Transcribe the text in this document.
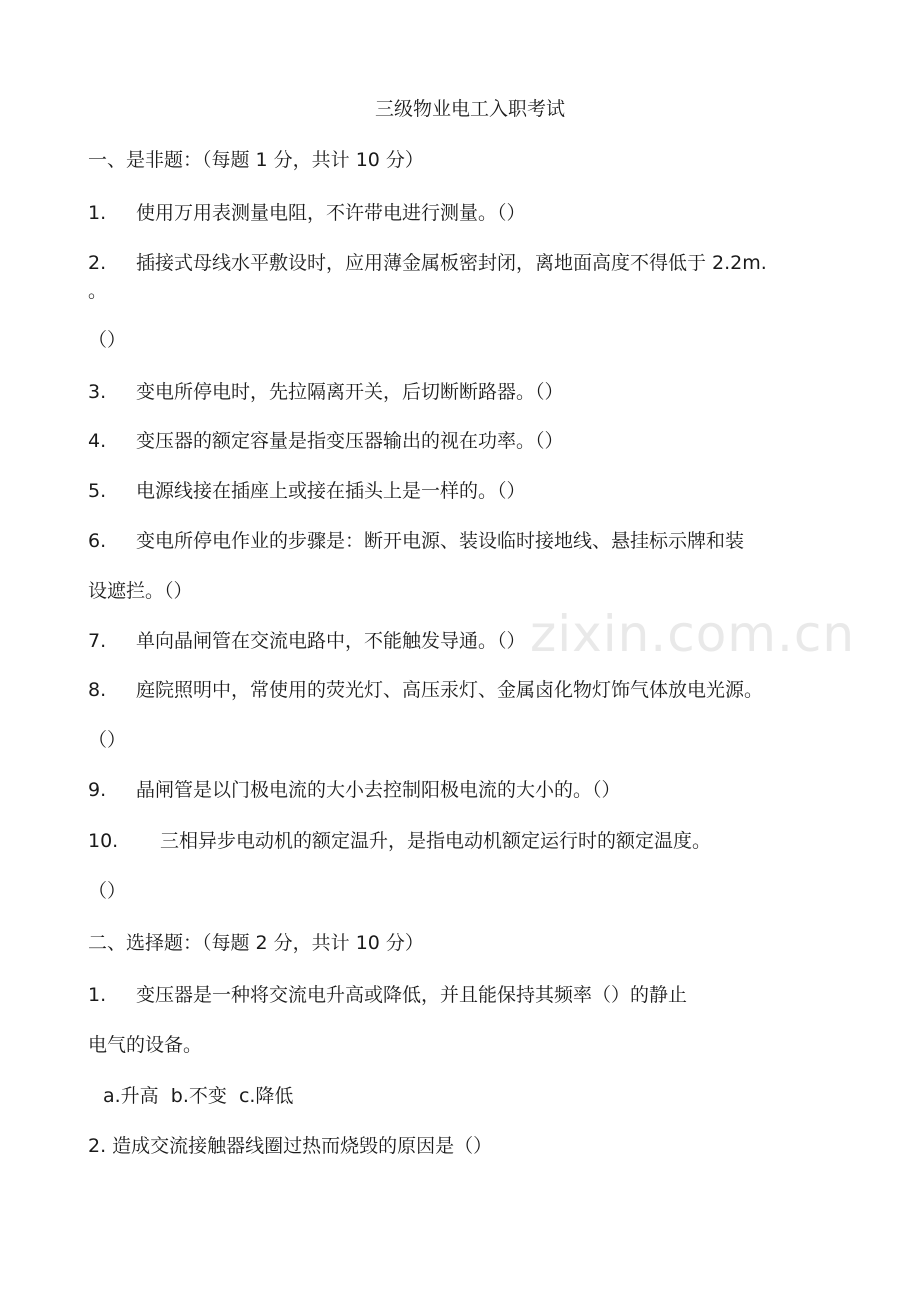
zixin.com.cn
三级物业电工入职考试
一、是非题：（每题 1 分，共计 10 分）
1. 使用万用表测量电阻，不许带电进行测量。（）
2. 插接式母线水平敷设时，应用薄金属板密封闭，离地面高度不得低于 2.2m.
。
（）
3. 变电所停电时，先拉隔离开关，后切断断路器。（）
4. 变压器的额定容量是指变压器输出的视在功率。（）
5. 电源线接在插座上或接在插头上是一样的。（）
6. 变电所停电作业的步骤是：断开电源、装设临时接地线、悬挂标示牌和装
设遮拦。（）
7. 单向晶闸管在交流电路中，不能触发导通。（）
8. 庭院照明中，常使用的荧光灯、高压汞灯、金属卤化物灯饰气体放电光源。
（）
9. 晶闸管是以门极电流的大小去控制阳极电流的大小的。（）
10. 三相异步电动机的额定温升，是指电动机额定运行时的额定温度。
（）
二、选择题：（每题 2 分，共计 10 分）
1. 变压器是一种将交流电升高或降低，并且能保持其频率（）的静止
电气的设备。
a.升高  b.不变  c.降低
2. 造成交流接触器线圈过热而烧毁的原因是（）
